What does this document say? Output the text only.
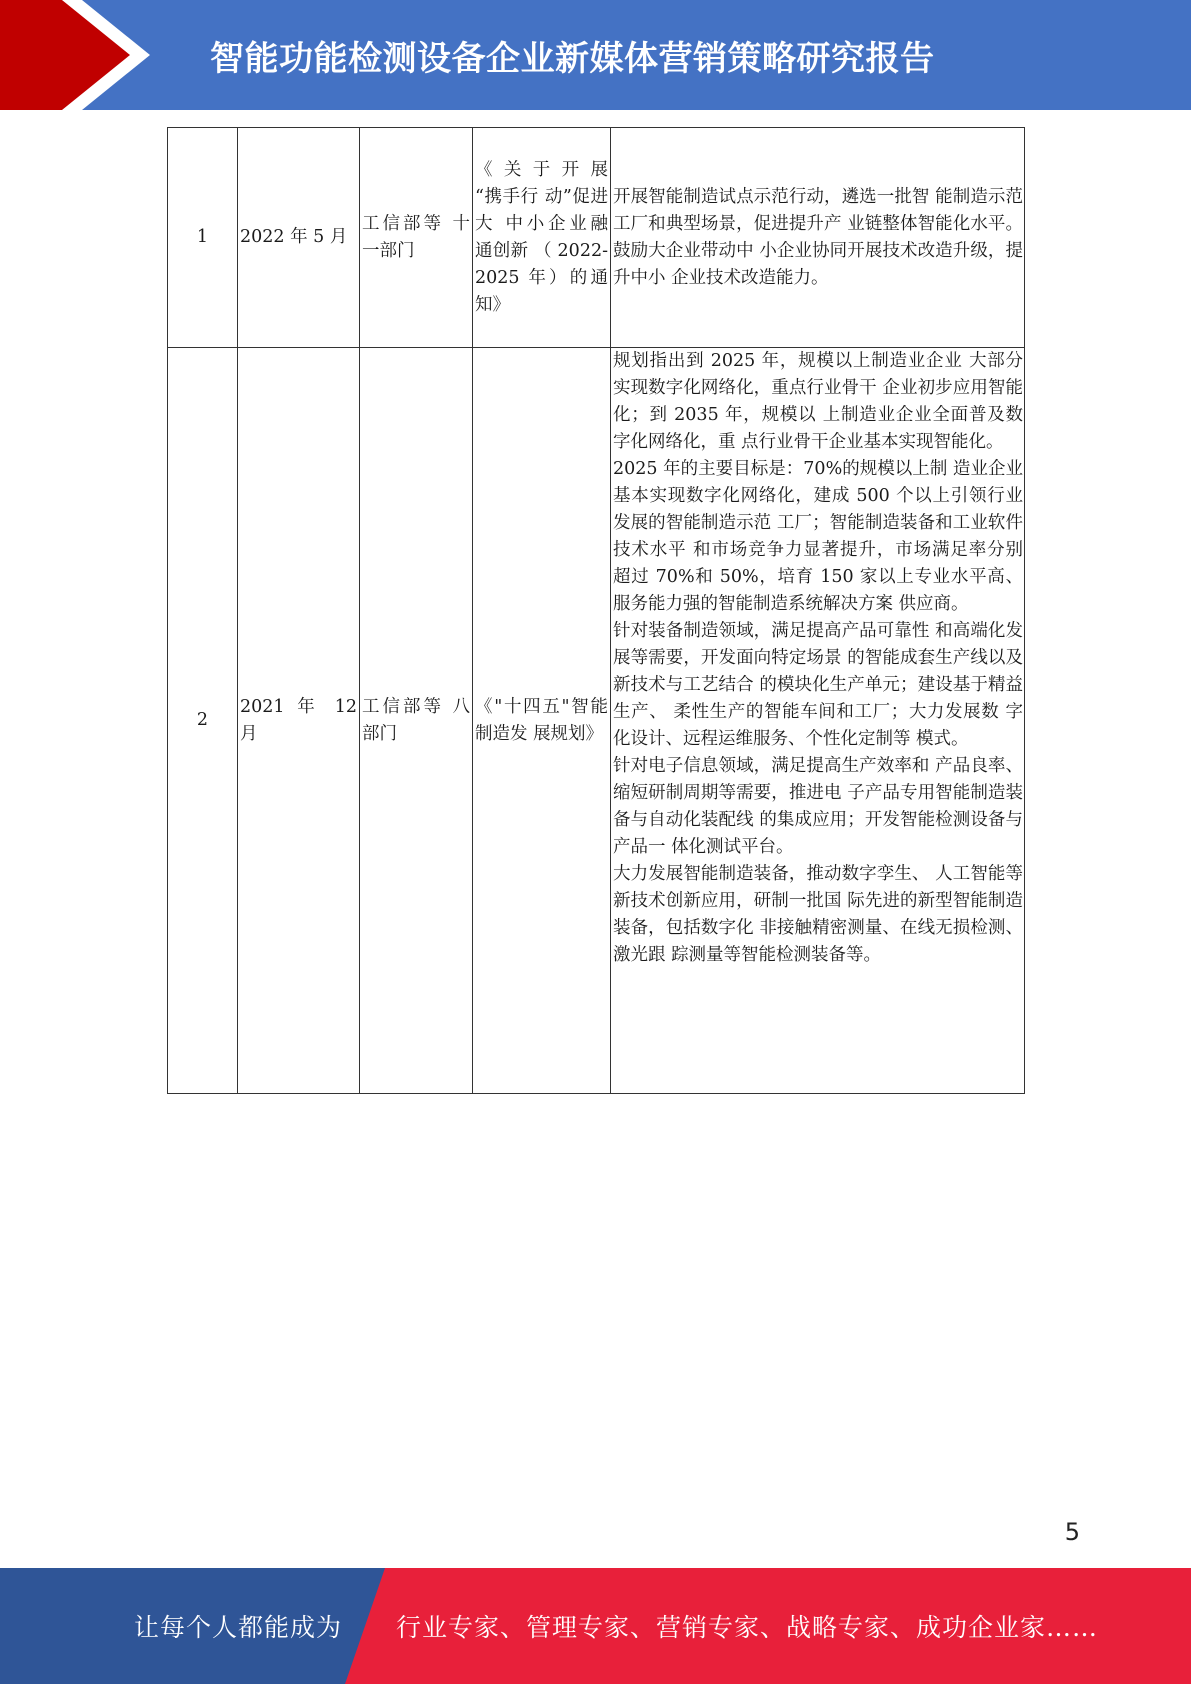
智能功能检测设备企业新媒体营销策略研究报告
1	2022 年 5 月	工信部等 十一部门	《 关 于 开 展 “携手行 动”促进大 中小企业融 通创新 （ 2022-2025 年）的通 知》	开展智能制造试点示范行动，遴选一批智 能制造示范工厂和典型场景，促进提升产 业链整体智能化水平。鼓励大企业带动中 小企业协同开展技术改造升级，提升中小 企业技术改造能力。

2	2021 年 12 月	工信部等 八部门	《"十四五"智能制造发 展规划》	规划指出到 2025 年，规模以上制造业企业 大部分实现数字化网络化，重点行业骨干 企业初步应用智能化；到 2035 年，规模以 上制造业企业全面普及数字化网络化，重 点行业骨干企业基本实现智能化。

2025 年的主要目标是：70%的规模以上制 造业企业基本实现数字化网络化，建成 500 个以上引领行业发展的智能制造示范 工厂；智能制造装备和工业软件技术水平 和市场竞争力显著提升，市场满足率分别 超过 70%和 50%，培育 150 家以上专业水平高、服务能力强的智能制造系统解决方案 供应商。

针对装备制造领域，满足提高产品可靠性 和高端化发展等需要，开发面向特定场景 的智能成套生产线以及新技术与工艺结合 的模块化生产单元；建设基于精益生产、 柔性生产的智能车间和工厂；大力发展数 字化设计、远程运维服务、个性化定制等 模式。

针对电子信息领域，满足提高生产效率和 产品良率、缩短研制周期等需要，推进电 子产品专用智能制造装备与自动化装配线 的集成应用；开发智能检测设备与产品一 体化测试平台。

大力发展智能制造装备，推动数字孪生、 人工智能等新技术创新应用，研制一批国 际先进的新型智能制造装备，包括数字化 非接触精密测量、在线无损检测、激光跟 踪测量等智能检测装备等。

5
让每个人都能成为	行业专家、管理专家、营销专家、战略专家、成功企业家……
